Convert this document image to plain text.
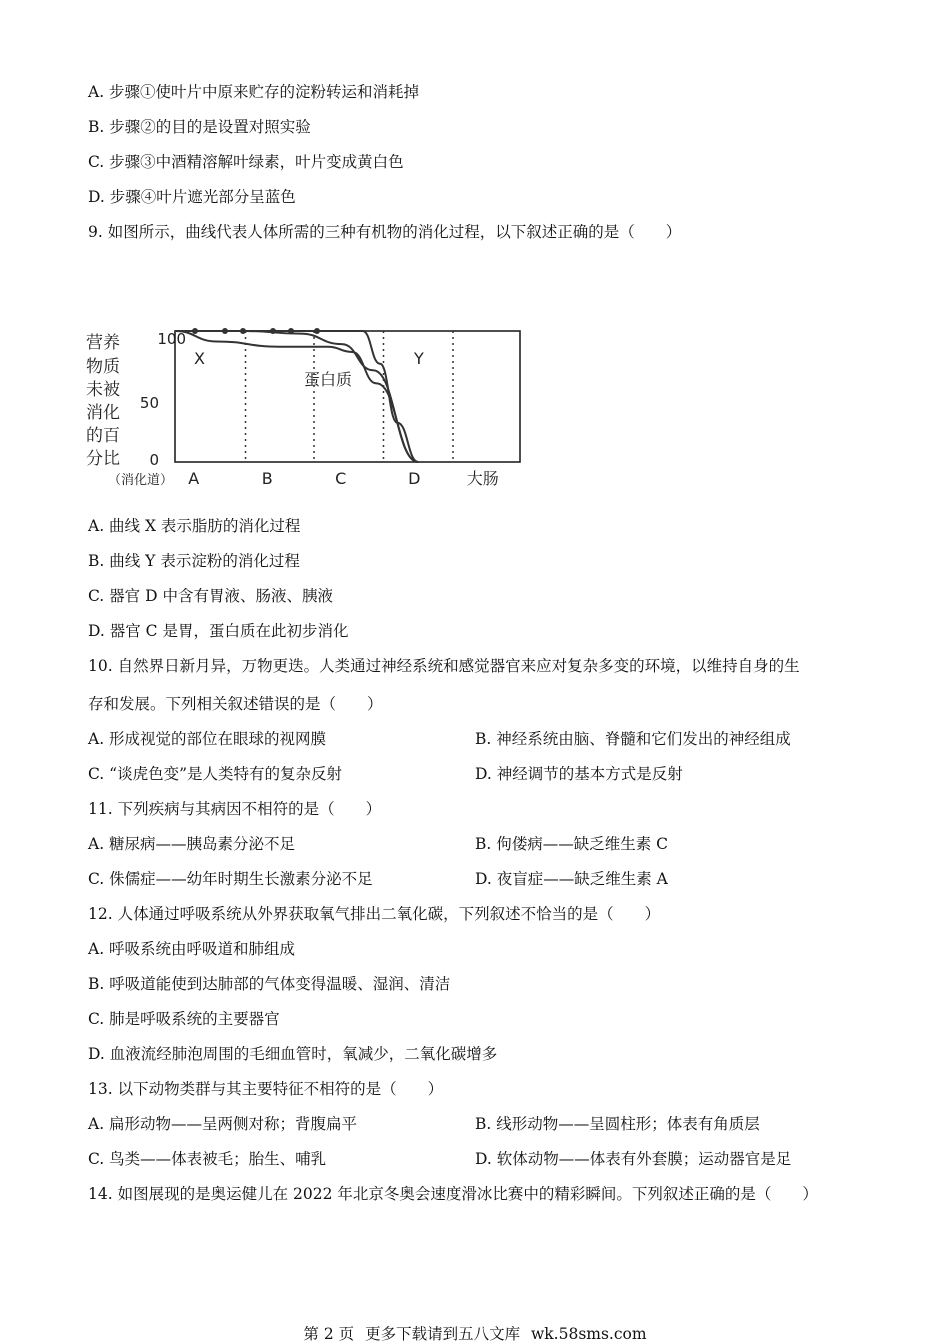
A. 步骤①使叶片中原来贮存的淀粉转运和消耗掉
B. 步骤②的目的是设置对照实验
C. 步骤③中酒精溶解叶绿素，叶片变成黄白色
D. 步骤④叶片遮光部分呈蓝色
9. 如图所示，曲线代表人体所需的三种有机物的消化过程，以下叙述正确的是（　　）
营养
物质
未被
消化
的百
分比
100
50
0
X
蛋白质
Y
（消化道） A	B	C	D	大肠
A. 曲线 X 表示脂肪的消化过程
B. 曲线 Y 表示淀粉的消化过程
C. 器官 D 中含有胃液、肠液、胰液
D. 器官 C 是胃，蛋白质在此初步消化
10. 自然界日新月异，万物更迭。人类通过神经系统和感觉器官来应对复杂多变的环境，以维持自身的生
存和发展。下列相关叙述错误的是（　　）
A. 形成视觉的部位在眼球的视网膜	B. 神经系统由脑、脊髓和它们发出的神经组成
C. “谈虎色变”是人类特有的复杂反射	D. 神经调节的基本方式是反射
11. 下列疾病与其病因不相符的是（　　）
A. 糖尿病——胰岛素分泌不足	B. 佝偻病——缺乏维生素 C
C. 侏儒症——幼年时期生长激素分泌不足	D. 夜盲症——缺乏维生素 A
12. 人体通过呼吸系统从外界获取氧气排出二氧化碳，下列叙述不恰当的是（　　）
A. 呼吸系统由呼吸道和肺组成
B. 呼吸道能使到达肺部的气体变得温暖、湿润、清洁
C. 肺是呼吸系统的主要器官
D. 血液流经肺泡周围的毛细血管时，氧减少，二氧化碳增多
13. 以下动物类群与其主要特征不相符的是（　　）
A. 扁形动物——呈两侧对称；背腹扁平	B. 线形动物——呈圆柱形；体表有角质层
C. 鸟类——体表被毛；胎生、哺乳	D. 软体动物——体表有外套膜；运动器官是足
14. 如图展现的是奥运健儿在 2022 年北京冬奥会速度滑冰比赛中的精彩瞬间。下列叙述正确的是（　　）
第 2 页 更多下载请到五八文库 wk.58sms.com
